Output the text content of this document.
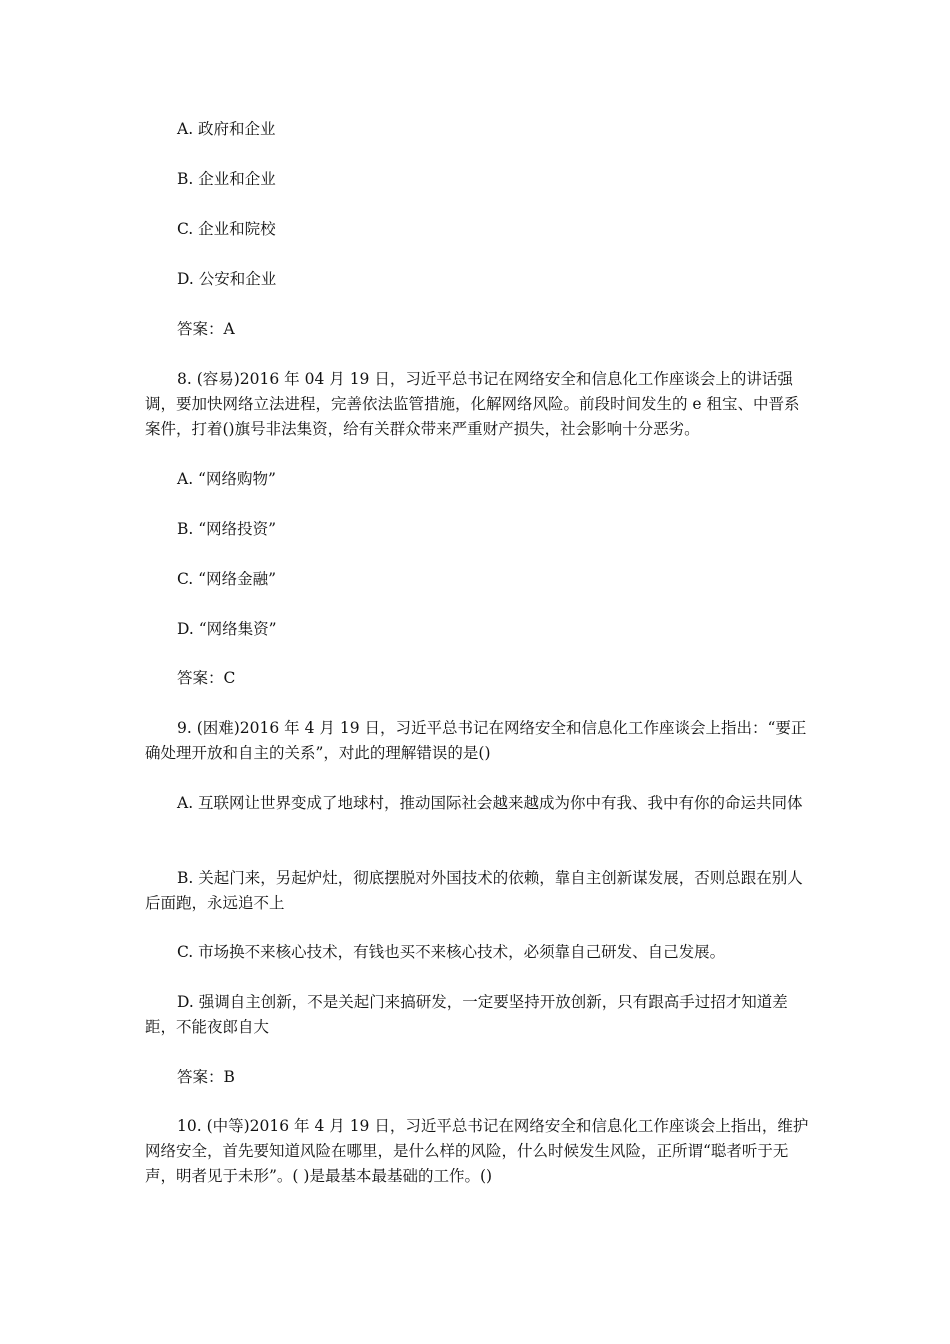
A. 政府和企业
B. 企业和企业
C. 企业和院校
D. 公安和企业
答案：A
8. (容易)2016 年 04 月 19 日，习近平总书记在网络安全和信息化工作座谈会上的讲话强调，要加快网络立法进程，完善依法监管措施，化解网络风险。前段时间发生的 e 租宝、中晋系案件，打着()旗号非法集资，给有关群众带来严重财产损失，社会影响十分恶劣。
A. “网络购物”
B. “网络投资”
C. “网络金融”
D. “网络集资”
答案：C
9. (困难)2016 年 4 月 19 日，习近平总书记在网络安全和信息化工作座谈会上指出：“要正确处理开放和自主的关系”，对此的理解错误的是()
A. 互联网让世界变成了地球村，推动国际社会越来越成为你中有我、我中有你的命运共同体
B. 关起门来，另起炉灶，彻底摆脱对外国技术的依赖，靠自主创新谋发展，否则总跟在别人后面跑，永远追不上
C. 市场换不来核心技术，有钱也买不来核心技术，必须靠自己研发、自己发展。
D. 强调自主创新，不是关起门来搞研发，一定要坚持开放创新，只有跟高手过招才知道差距，不能夜郎自大
答案：B
10. (中等)2016 年 4 月 19 日，习近平总书记在网络安全和信息化工作座谈会上指出，维护网络安全，首先要知道风险在哪里，是什么样的风险，什么时候发生风险，正所谓“聪者听于无声，明者见于未形”。( )是最基本最基础的工作。()
